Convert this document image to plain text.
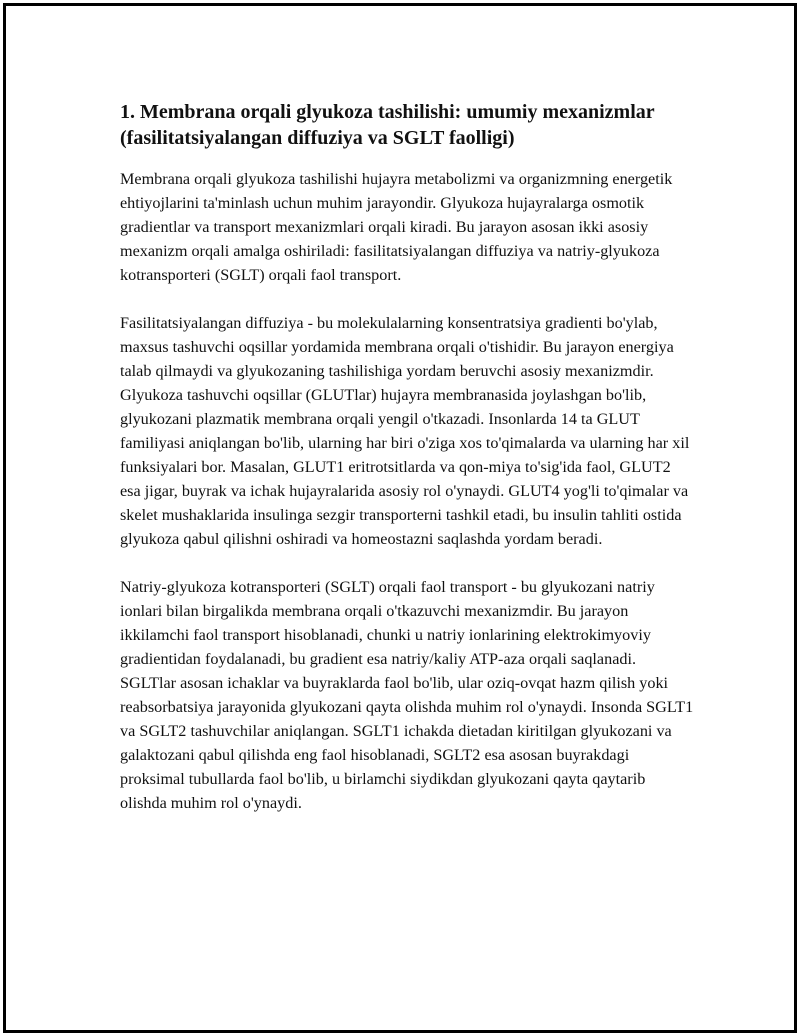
1. Membrana orqali glyukoza tashilishi: umumiy mexanizmlar (fasilitatsiyalangan diffuziya va SGLT faolligi)

Membrana orqali glyukoza tashilishi hujayra metabolizmi va organizmning energetik ehtiyojlarini ta'minlash uchun muhim jarayondir. Glyukoza hujayralarga osmotik gradientlar va transport mexanizmlari orqali kiradi. Bu jarayon asosan ikki asosiy mexanizm orqali amalga oshiriladi: fasilitatsiyalangan diffuziya va natriy-glyukoza kotransporteri (SGLT) orqali faol transport.

Fasilitatsiyalangan diffuziya - bu molekulalarning konsentratsiya gradienti bo'ylab, maxsus tashuvchi oqsillar yordamida membrana orqali o'tishidir. Bu jarayon energiya talab qilmaydi va glyukozaning tashilishiga yordam beruvchi asosiy mexanizmdir. Glyukoza tashuvchi oqsillar (GLUTlar) hujayra membranasida joylashgan bo'lib, glyukozani plazmatik membrana orqali yengil o'tkazadi. Insonlarda 14 ta GLUT familiyasi aniqlangan bo'lib, ularning har biri o'ziga xos to'qimalarda va ularning har xil funksiyalari bor. Masalan, GLUT1 eritrotsitlarda va qon-miya to'sig'ida faol, GLUT2 esa jigar, buyrak va ichak hujayralarida asosiy rol o'ynaydi. GLUT4 yog'li to'qimalar va skelet mushaklarida insulinga sezgir transporterni tashkil etadi, bu insulin tahliti ostida glyukoza qabul qilishni oshiradi va homeostazni saqlashda yordam beradi.

Natriy-glyukoza kotransporteri (SGLT) orqali faol transport - bu glyukozani natriy ionlari bilan birgalikda membrana orqali o'tkazuvchi mexanizmdir. Bu jarayon ikkilamchi faol transport hisoblanadi, chunki u natriy ionlarining elektrokimyoviy gradientidan foydalanadi, bu gradient esa natriy/kaliy ATP-aza orqali saqlanadi. SGLTlar asosan ichaklar va buyraklarda faol bo'lib, ular oziq-ovqat hazm qilish yoki reabsorbatsiya jarayonida glyukozani qayta olishda muhim rol o'ynaydi. Insonda SGLT1 va SGLT2 tashuvchilar aniqlangan. SGLT1 ichakda dietadan kiritilgan glyukozani va galaktozani qabul qilishda eng faol hisoblanadi, SGLT2 esa asosan buyrakdagi proksimal tubullarda faol bo'lib, u birlamchi siydikdan glyukozani qayta qaytarib olishda muhim rol o'ynaydi.
